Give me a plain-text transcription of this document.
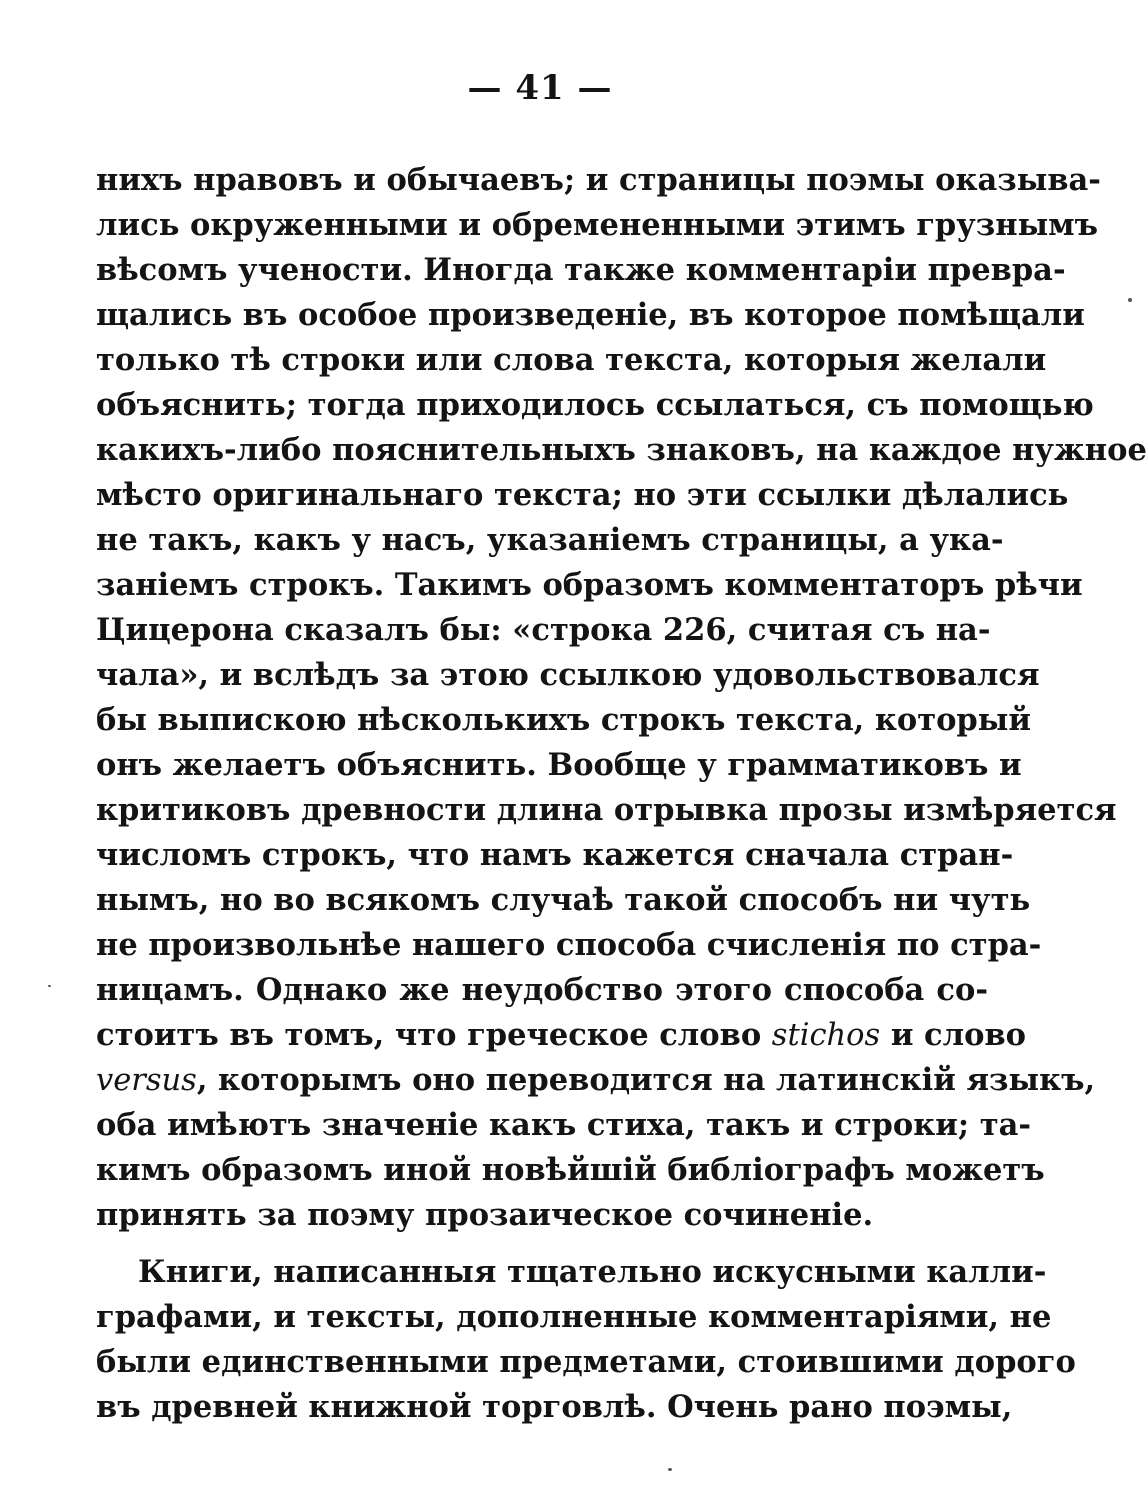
— 41 —
нихъ нравовъ и обычаевъ; и страницы поэмы оказыва-
лись окруженными и обремененными этимъ грузнымъ
вѣсомъ учености. Иногда также комментаріи превра-
щались въ особое произведеніе, въ которое помѣщали
только тѣ строки или слова текста, которыя желали
объяснить; тогда приходилось ссылаться, съ помощью
какихъ-либо пояснительныхъ знаковъ, на каждое нужное
мѣсто оригинальнаго текста; но эти ссылки дѣлались
не такъ, какъ у насъ, указаніемъ страницы, а ука-
заніемъ строкъ. Такимъ образомъ комментаторъ рѣчи
Цицерона сказалъ бы: «строка 226, считая съ на-
чала», и вслѣдъ за этою ссылкою удовольствовался
бы выпискою нѣсколькихъ строкъ текста, который
онъ желаетъ объяснить. Вообще у грамматиковъ и
критиковъ древности длина отрывка прозы измѣряется
числомъ строкъ, что намъ кажется сначала стран-
нымъ, но во всякомъ случаѣ такой способъ ни чуть
не произвольнѣе нашего способа счисленія по стра-
ницамъ. Однако же неудобство этого способа со-
стоитъ въ томъ, что греческое слово stichos и слово
versus, которымъ оно переводится на латинскій языкъ,
оба имѣютъ значеніе какъ стиха, такъ и строки; та-
кимъ образомъ иной новѣйшій библіографъ можетъ
принять за поэму прозаическое сочиненіе.
Книги, написанныя тщательно искусными калли-
графами, и тексты, дополненные комментаріями, не
были единственными предметами, стоившими дорого
въ древней книжной торговлѣ. Очень рано поэмы,
